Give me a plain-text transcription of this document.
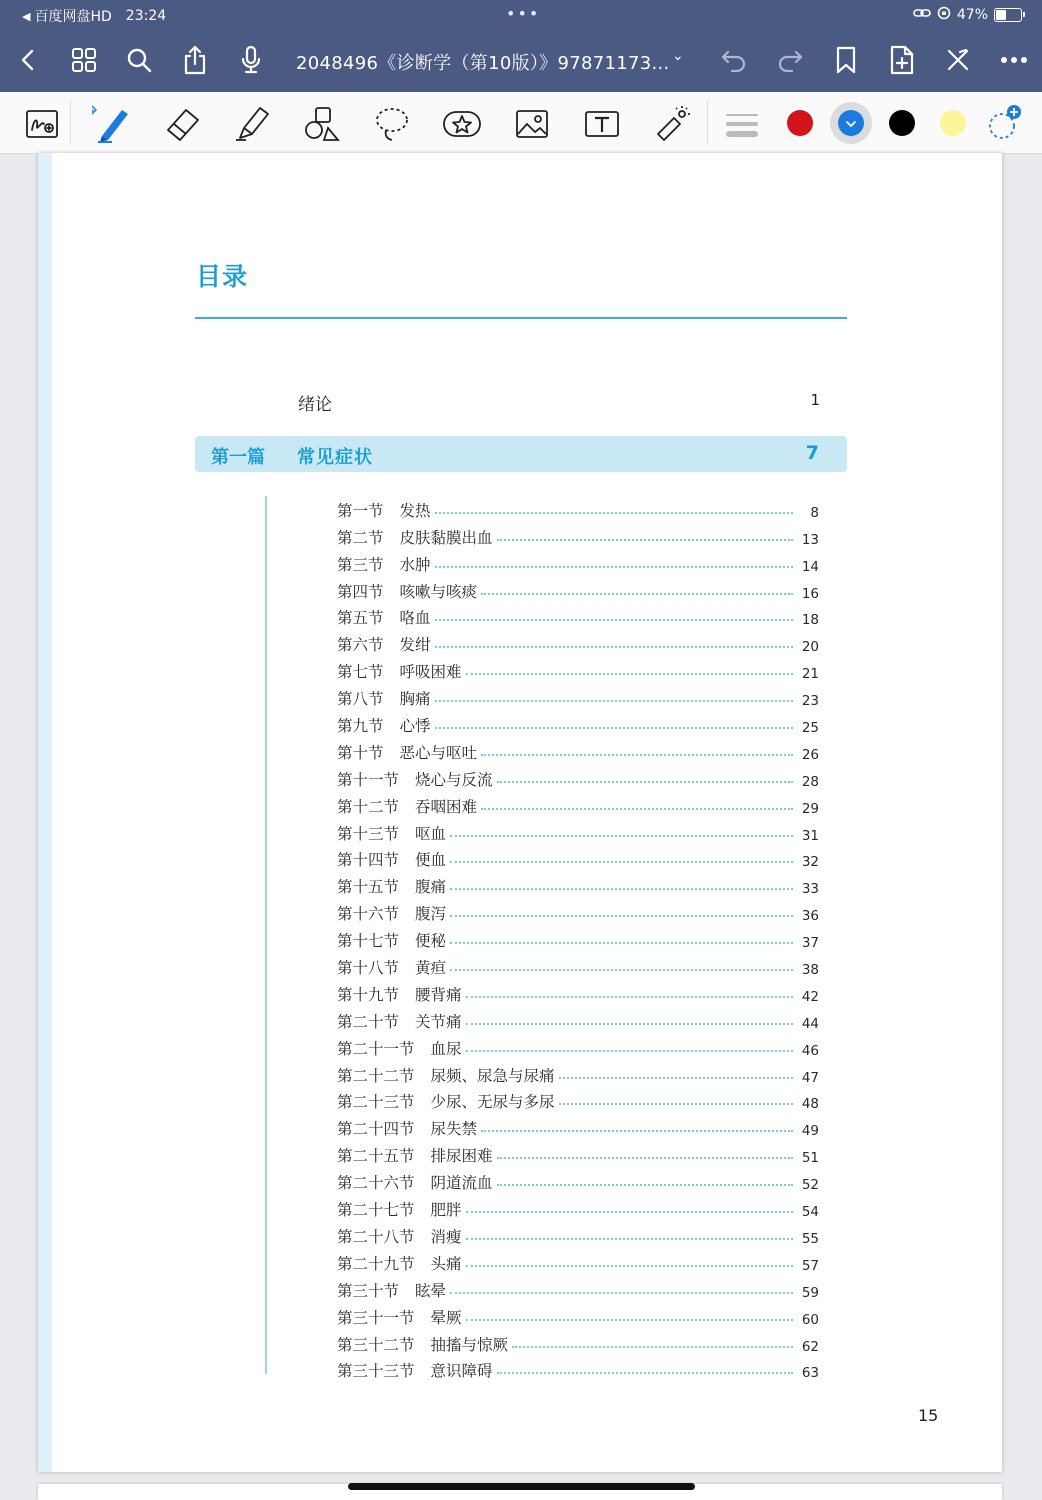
◀ 百度网盘HD 23:24	•••	47%
2048496《诊断学（第10版）》97871173... ⌄
目录
绪论	1
第一篇 常见症状	7
第一节 发热	8
第二节 皮肤黏膜出血	13
第三节 水肿	14
第四节 咳嗽与咳痰	16
第五节 咯血	18
第六节 发绀	20
第七节 呼吸困难	21
第八节 胸痛	23
第九节 心悸	25
第十节 恶心与呕吐	26
第十一节 烧心与反流	28
第十二节 吞咽困难	29
第十三节 呕血	31
第十四节 便血	32
第十五节 腹痛	33
第十六节 腹泻	36
第十七节 便秘	37
第十八节 黄疸	38
第十九节 腰背痛	42
第二十节 关节痛	44
第二十一节 血尿	46
第二十二节 尿频、尿急与尿痛	47
第二十三节 少尿、无尿与多尿	48
第二十四节 尿失禁	49
第二十五节 排尿困难	51
第二十六节 阴道流血	52
第二十七节 肥胖	54
第二十八节 消瘦	55
第二十九节 头痛	57
第三十节 眩晕	59
第三十一节 晕厥	60
第三十二节 抽搐与惊厥	62
第三十三节 意识障碍	63
15
